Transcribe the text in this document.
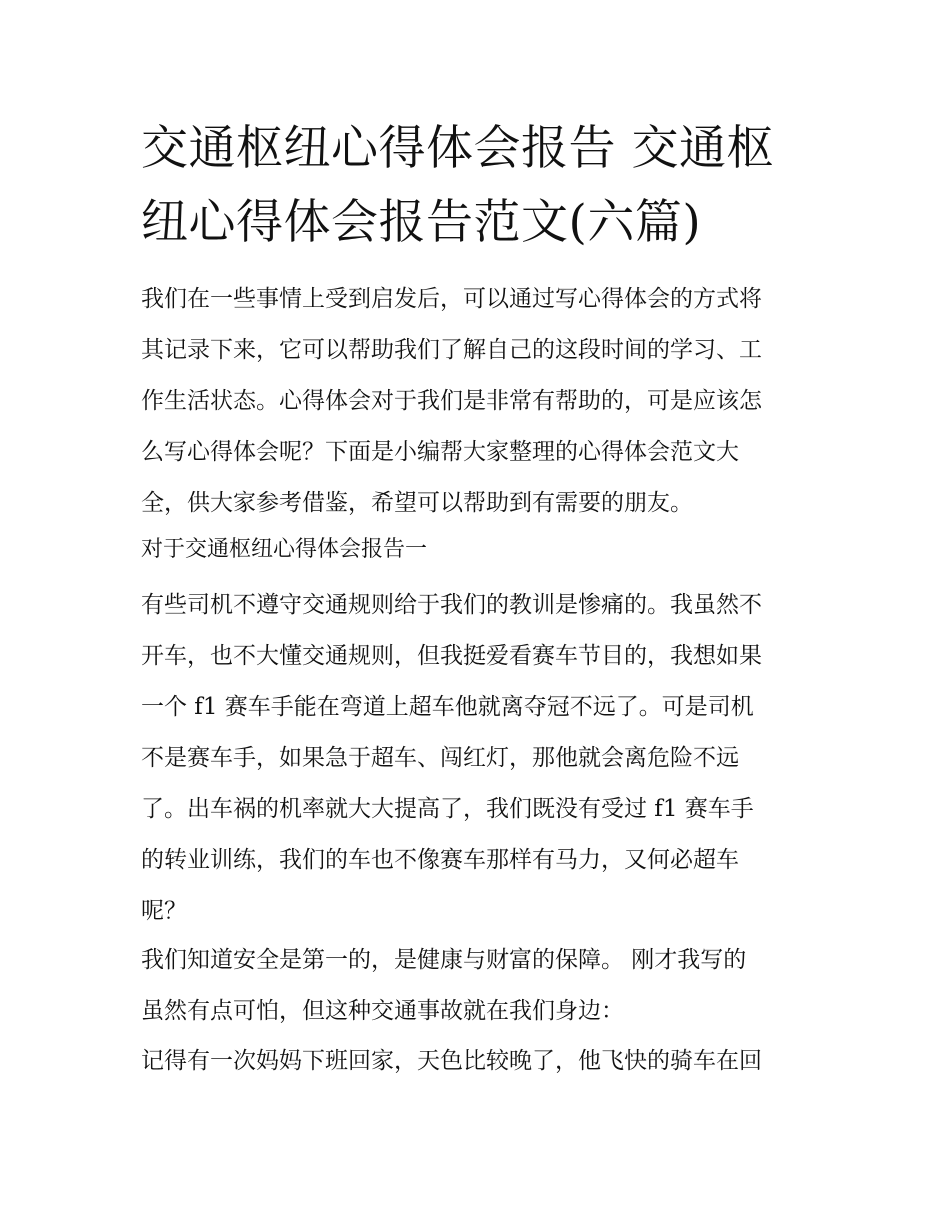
交通枢纽心得体会报告 交通枢
纽心得体会报告范文(六篇)
我们在一些事情上受到启发后，可以通过写心得体会的方式将
其记录下来，它可以帮助我们了解自己的这段时间的学习、工
作生活状态。心得体会对于我们是非常有帮助的，可是应该怎
么写心得体会呢？下面是小编帮大家整理的心得体会范文大
全，供大家参考借鉴，希望可以帮助到有需要的朋友。
对于交通枢纽心得体会报告一
有些司机不遵守交通规则给于我们的教训是惨痛的。我虽然不
开车，也不大懂交通规则，但我挺爱看赛车节目的，我想如果
一个 f1 赛车手能在弯道上超车他就离夺冠不远了。可是司机
不是赛车手，如果急于超车、闯红灯，那他就会离危险不远
了。出车祸的机率就大大提高了，我们既没有受过 f1 赛车手
的转业训练，我们的车也不像赛车那样有马力，又何必超车
呢？
我们知道安全是第一的，是健康与财富的保障。 刚才我写的
虽然有点可怕，但这种交通事故就在我们身边：
记得有一次妈妈下班回家，天色比较晚了，他飞快的骑车在回
